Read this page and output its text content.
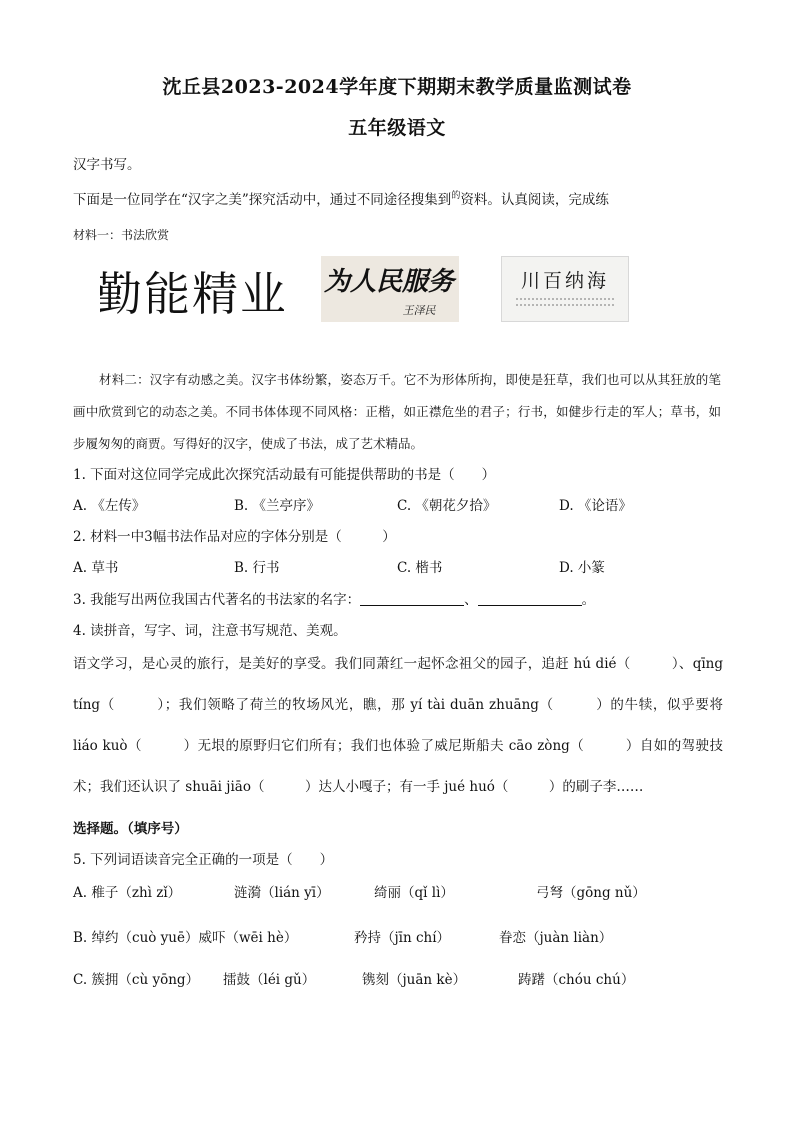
沈丘县2023-2024学年度下期期末教学质量监测试卷
五年级语文
汉字书写。
下面是一位同学在“汉字之美”探究活动中，通过不同途径搜集到$^的$资料。认真阅读，完成练
材料一：书法欣赏
勤能精业 为人民服务
王泽民
川百纳海
材料二：汉字有动感之美。汉字书体纷繁，姿态万千。它不为形体所拘，即使是狂草，我们也可以从其狂放的笔画中欣赏到它的动态之美。不同书体体现不同风格：正楷，如正襟危坐的君子；行书，如健步行走的军人；草书，如步履匆匆的商贾。写得好的汉字，使成了书法，成了艺术精品。
1. 下面对这位同学完成此次探究活动最有可能提供帮助的书是（　　）
A. 《左传》	B. 《兰亭序》	C. 《朝花夕拾》	D. 《论语》
2. 材料一中3幅书法作品对应的字体分别是（　　　）
A. 草书	B. 行书	C. 楷书	D. 小篆
3. 我能写出两位我国古代著名的书法家的名字：	、	。
4. 读拼音，写字、词，注意书写规范、美观。
语文学习，是心灵的旅行，是美好的享受。我们同萧红一起怀念祖父的园子，追赶 hú dié（　　　）、qīng tíng（　　　）；我们领略了荷兰的牧场风光，瞧，那 yí tài duān zhuāng（　　　）的牛犊，似乎要将 liáo kuò（　　　）无垠的原野归它们所有；我们也体验了威尼斯船夫 cāo zòng（　　　）自如的驾驶技术；我们还认识了 shuāi jiāo（　　　）达人小嘎子；有一手 jué huó（　　　）的刷子李……
选择题。（填序号）
5. 下列词语读音完全正确的一项是（　　）
A. 稚子（zhì zǐ）	涟漪（lián yī）	绮丽（qǐ lì）	弓弩（gōng nǔ）
B. 绰约（cuò yuē）威吓（wēi hè）	矜持（jīn chí）	眷恋（juàn liàn）
C. 簇拥（cù yōng） 擂鼓（léi gǔ）	镌刻（juān kè）	踌躇（chóu chú）
